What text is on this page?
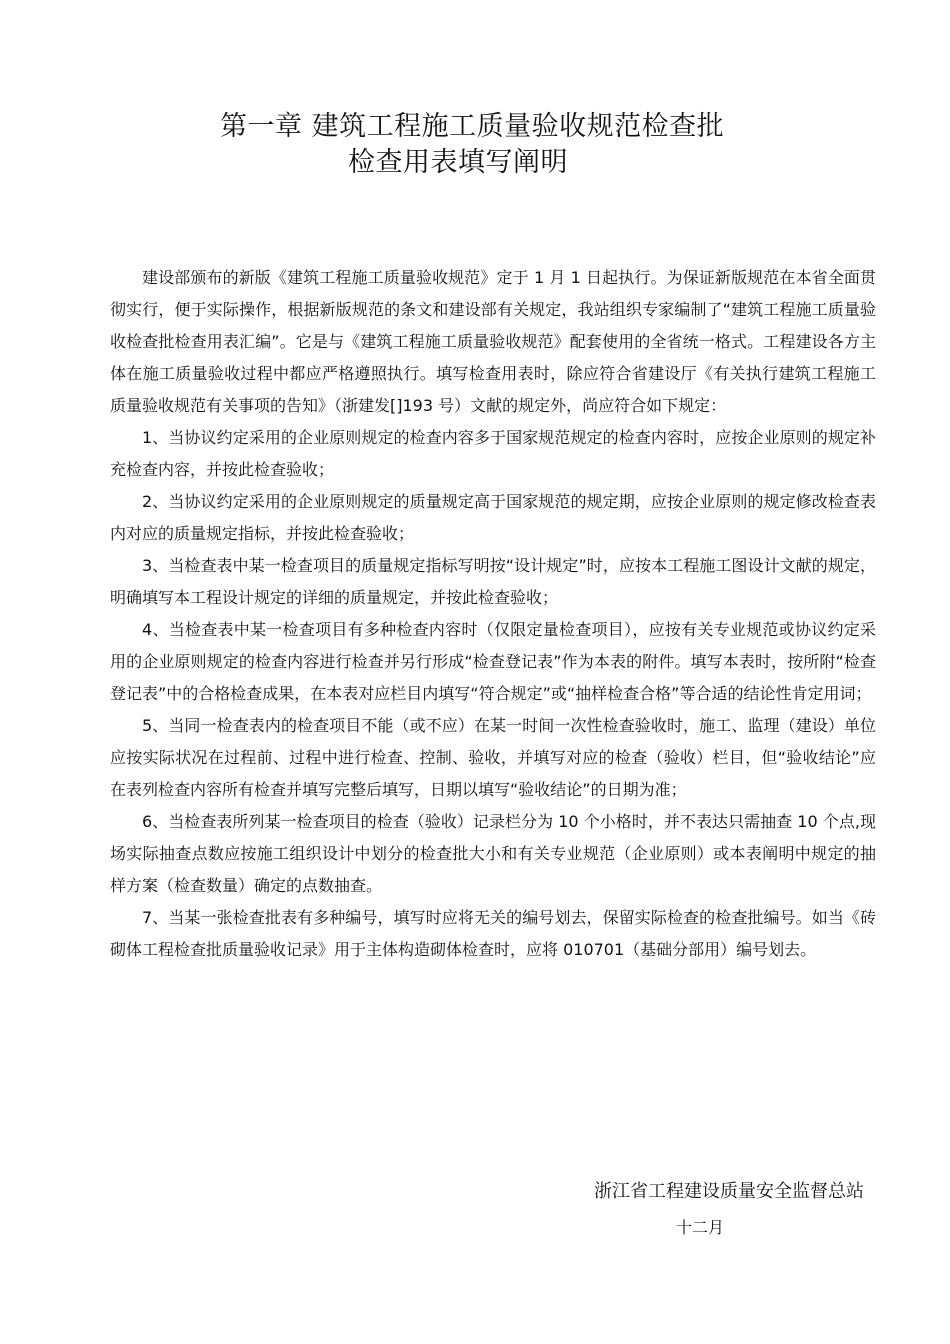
第一章 建筑工程施工质量验收规范检查批
检查用表填写阐明

建设部颁布的新版《建筑工程施工质量验收规范》定于 1 月 1 日起执行。为保证新版规范在本省全面贯彻实行，便于实际操作，根据新版规范的条文和建设部有关规定，我站组织专家编制了“建筑工程施工质量验收检查批检查用表汇编”。它是与《建筑工程施工质量验收规范》配套使用的全省统一格式。工程建设各方主体在施工质量验收过程中都应严格遵照执行。填写检查用表时，除应符合省建设厅《有关执行建筑工程施工质量验收规范有关事项的告知》（浙建发[]193 号）文献的规定外，尚应符合如下规定：

1、当协议约定采用的企业原则规定的检查内容多于国家规范规定的检查内容时，应按企业原则的规定补充检查内容，并按此检查验收；

2、当协议约定采用的企业原则规定的质量规定高于国家规范的规定期，应按企业原则的规定修改检查表内对应的质量规定指标，并按此检查验收；

3、当检查表中某一检查项目的质量规定指标写明按“设计规定”时，应按本工程施工图设计文献的规定，明确填写本工程设计规定的详细的质量规定，并按此检查验收；

4、当检查表中某一检查项目有多种检查内容时（仅限定量检查项目），应按有关专业规范或协议约定采用的企业原则规定的检查内容进行检查并另行形成“检查登记表”作为本表的附件。填写本表时，按所附“检查登记表”中的合格检查成果，在本表对应栏目内填写“符合规定”或“抽样检查合格”等合适的结论性肯定用词；

5、当同一检查表内的检查项目不能（或不应）在某一时间一次性检查验收时，施工、监理（建设）单位应按实际状况在过程前、过程中进行检查、控制、验收，并填写对应的检查（验收）栏目，但“验收结论”应在表列检查内容所有检查并填写完整后填写，日期以填写“验收结论”的日期为准；

6、当检查表所列某一检查项目的检查（验收）记录栏分为 10 个小格时，并不表达只需抽查 10 个点,现场实际抽查点数应按施工组织设计中划分的检查批大小和有关专业规范（企业原则）或本表阐明中规定的抽样方案（检查数量）确定的点数抽查。

7、当某一张检查批表有多种编号，填写时应将无关的编号划去，保留实际检查的检查批编号。如当《砖砌体工程检查批质量验收记录》用于主体构造砌体检查时，应将 010701（基础分部用）编号划去。

浙江省工程建设质量安全监督总站
十二月
